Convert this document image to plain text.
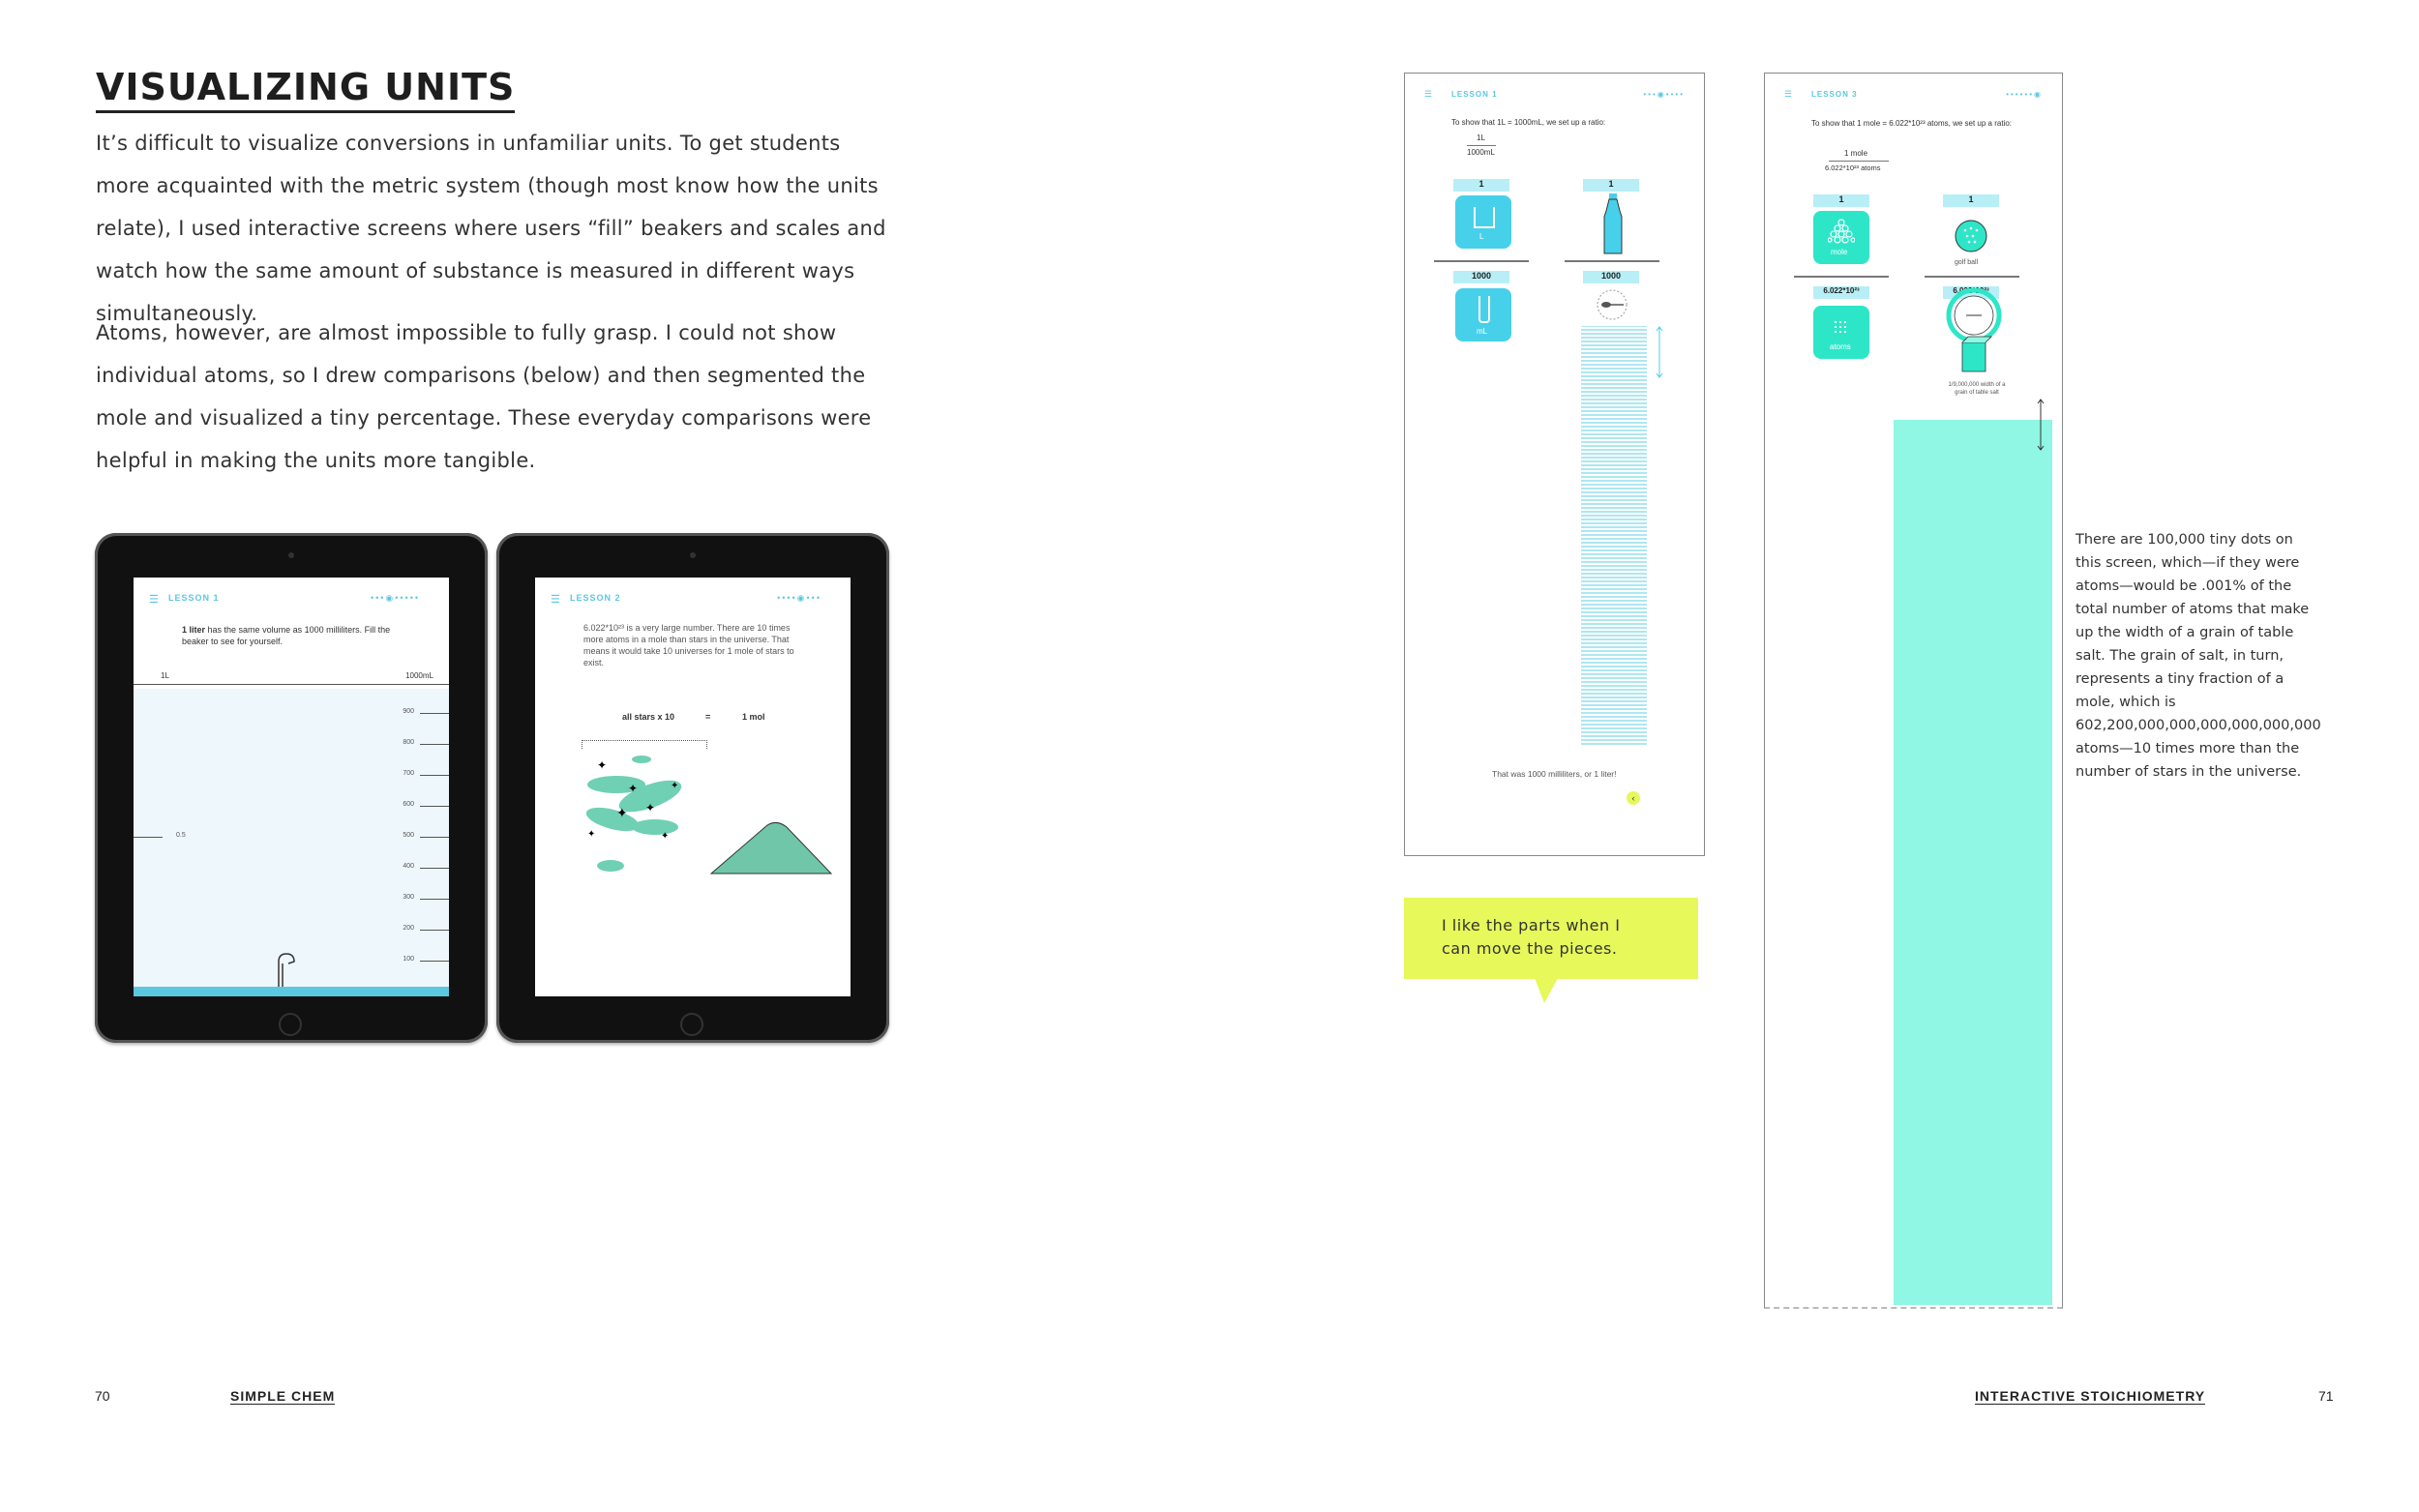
VISUALIZING UNITS
It’s difficult to visualize conversions in unfamiliar units. To get students more acquainted with the metric system (though most know how the units relate), I used interactive screens where users “fill” beakers and scales and watch how the same amount of substance is measured in different ways simultaneously.
Atoms, however, are almost impossible to fully grasp. I could not show individual atoms, so I drew comparisons (below) and then segmented the mole and visualized a tiny percentage. These everyday comparisons were helpful in making the units more tangible.
☰ LESSON 1	•••◉•••••
1 liter has the same volume as 1000 milliliters. Fill the beaker to see for yourself.
1L	1000mL
900
800
700
600
500
400
300
200
100
0.5
☰ LESSON 2	••••◉•••
6.022*10²³ is a very large number. There are 10 times more atoms in a mole than stars in the universe. That means it would take 10 universes for 1 mole of stars to exist.
all stars x 10	=	1 mol
✦
✦
✦ ✦
✦	✦
✦
70	SIMPLE CHEM
☰ LESSON 1	•••◉••••
To show that 1L = 1000mL, we set up a ratio:
1L
1000mL
1	1
L
1000	1000
mL
That was 1000 milliliters, or 1 liter!
‹
I like the parts when I can move the pieces.
☰ LESSON 3	••••••◉
To show that 1 mole = 6.022*10²³ atoms, we set up a ratio:
1 mole
6.022*10²³ atoms
1	1
mole
golf ball
6.022*10²³	6.022*10²³
atoms
1/9,000,000 width of a grain of table salt
There are 100,000 tiny dots on this screen, which—if they were atoms—would be .001% of the total number of atoms that make up the width of a grain of table salt. The grain of salt, in turn, represents a tiny fraction of a mole, which is 602,200,000,000,000,000,000,000 atoms—10 times more than the number of stars in the universe.
INTERACTIVE STOICHIOMETRY	71
